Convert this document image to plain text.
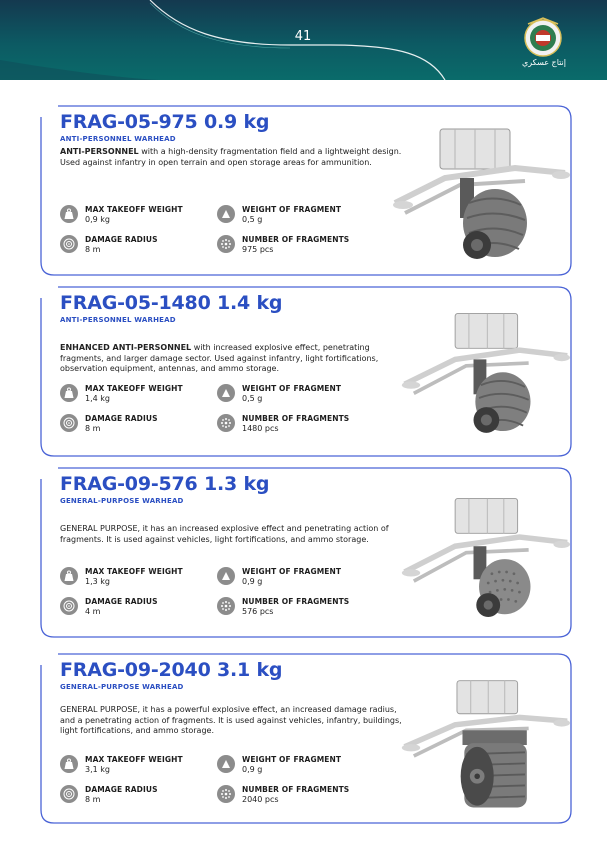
41
إنتاج عسكري
FRAG-05-975 0.9 kg
ANTI-PERSONNEL WARHEAD
ANTI-PERSONNEL with a high-density fragmentation field and a lightweight design. Used against infantry in open terrain and open storage areas for ammunition.
MAX TAKEOFF WEIGHT
0,9 kg
WEIGHT OF FRAGMENT
0,5 g
DAMAGE RADIUS
8 m
NUMBER OF FRAGMENTS
975 pcs
FRAG-05-1480 1.4 kg
ANTI-PERSONNEL WARHEAD
ENHANCED ANTI-PERSONNEL with increased explosive effect, penetrating fragments, and larger damage sector. Used against infantry, light fortifications, observation equipment, antennas, and ammo storage.
MAX TAKEOFF WEIGHT
1,4 kg
WEIGHT OF FRAGMENT
0,5 g
DAMAGE RADIUS
8 m
NUMBER OF FRAGMENTS
1480 pcs
FRAG-09-576 1.3 kg
GENERAL-PURPOSE WARHEAD
GENERAL PURPOSE, it has an increased explosive effect and penetrating action of fragments. It is used against vehicles, light fortifications, and ammo storage.
MAX TAKEOFF WEIGHT
1,3 kg
WEIGHT OF FRAGMENT
0,9 g
DAMAGE RADIUS
4 m
NUMBER OF FRAGMENTS
576 pcs
FRAG-09-2040 3.1 kg
GENERAL-PURPOSE WARHEAD
GENERAL PURPOSE, it has a powerful explosive effect, an increased damage radius, and a penetrating action of fragments. It is used against vehicles, infantry, buildings, light fortifications, and ammo storage.
MAX TAKEOFF WEIGHT
3,1 kg
WEIGHT OF FRAGMENT
0,9 g
DAMAGE RADIUS
8 m
NUMBER OF FRAGMENTS
2040 pcs
